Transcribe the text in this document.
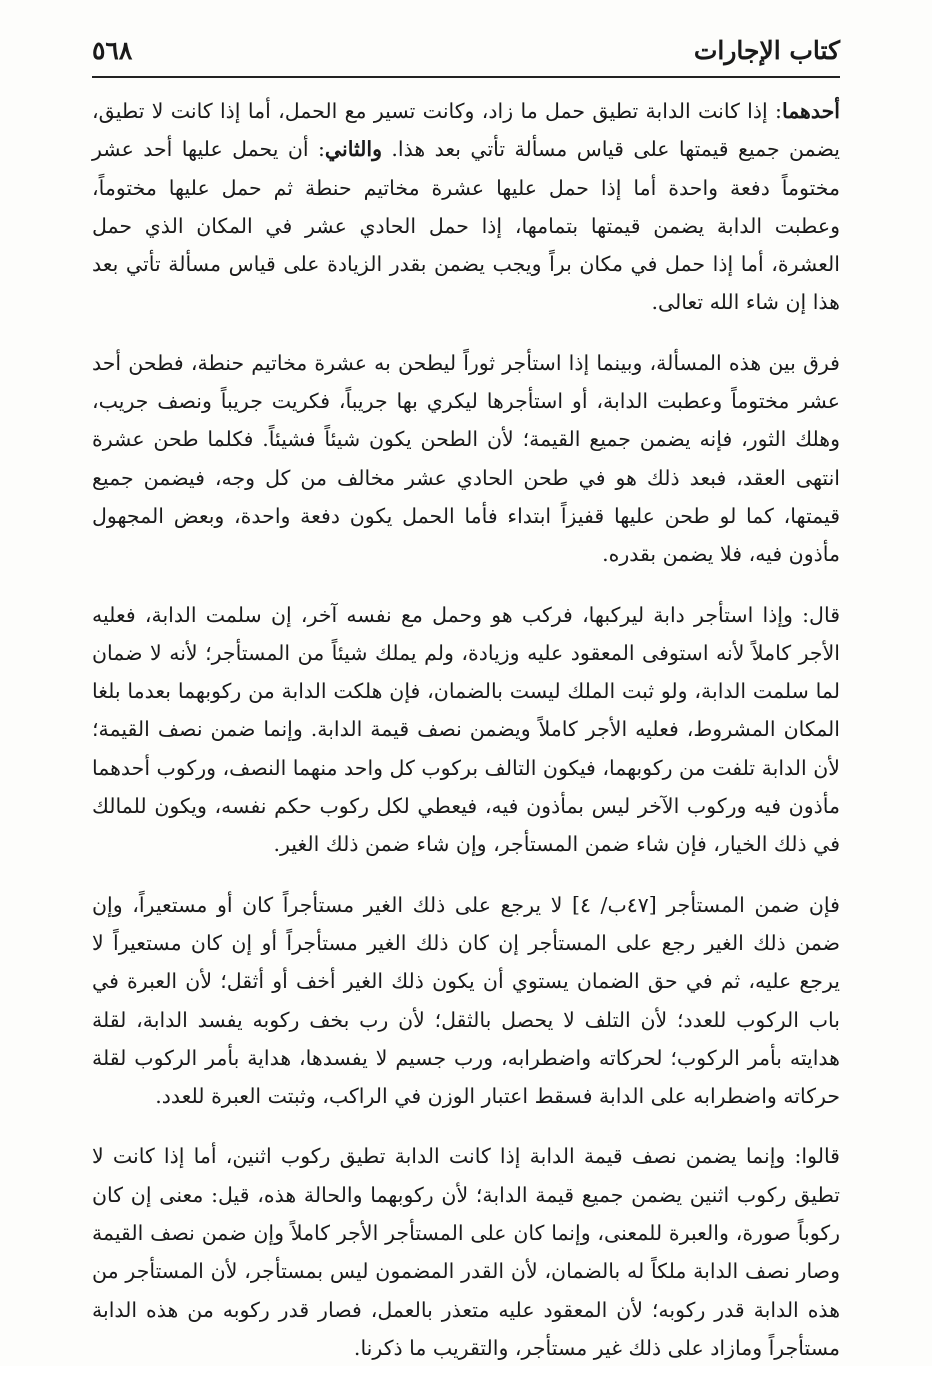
كتاب الإجارات
٥٦٨

أحدهما: إذا كانت الدابة تطيق حمل ما زاد، وكانت تسير مع الحمل، أما إذا كانت لا تطيق، يضمن جميع قيمتها على قياس مسألة تأتي بعد هذا. والثاني: أن يحمل عليها أحد عشر مختوماً دفعة واحدة أما إذا حمل عليها عشرة مخاتيم حنطة ثم حمل عليها مختوماً، وعطبت الدابة يضمن قيمتها بتمامها، إذا حمل الحادي عشر في المكان الذي حمل العشرة، أما إذا حمل في مكان براً ويجب يضمن بقدر الزيادة على قياس مسألة تأتي بعد هذا إن شاء الله تعالى.

فرق بين هذه المسألة، وبينما إذا استأجر ثوراً ليطحن به عشرة مخاتيم حنطة، فطحن أحد عشر مختوماً وعطبت الدابة، أو استأجرها ليكري بها جريباً، فكريت جريباً ونصف جريب، وهلك الثور، فإنه يضمن جميع القيمة؛ لأن الطحن يكون شيئاً فشيئاً. فكلما طحن عشرة انتهى العقد، فبعد ذلك هو في طحن الحادي عشر مخالف من كل وجه، فيضمن جميع قيمتها، كما لو طحن عليها قفيزاً ابتداء فأما الحمل يكون دفعة واحدة، وبعض المجهول مأذون فيه، فلا يضمن بقدره.

قال: وإذا استأجر دابة ليركبها، فركب هو وحمل مع نفسه آخر، إن سلمت الدابة، فعليه الأجر كاملاً لأنه استوفى المعقود عليه وزيادة، ولم يملك شيئاً من المستأجر؛ لأنه لا ضمان لما سلمت الدابة، ولو ثبت الملك ليست بالضمان، فإن هلكت الدابة من ركوبهما بعدما بلغا المكان المشروط، فعليه الأجر كاملاً ويضمن نصف قيمة الدابة. وإنما ضمن نصف القيمة؛ لأن الدابة تلفت من ركوبهما، فيكون التالف بركوب كل واحد منهما النصف، وركوب أحدهما مأذون فيه وركوب الآخر ليس بمأذون فيه، فيعطي لكل ركوب حكم نفسه، ويكون للمالك في ذلك الخيار، فإن شاء ضمن المستأجر، وإن شاء ضمن ذلك الغير.

فإن ضمن المستأجر [٤٧ب/ ٤] لا يرجع على ذلك الغير مستأجراً كان أو مستعيراً، وإن ضمن ذلك الغير رجع على المستأجر إن كان ذلك الغير مستأجراً أو إن كان مستعيراً لا يرجع عليه، ثم في حق الضمان يستوي أن يكون ذلك الغير أخف أو أثقل؛ لأن العبرة في باب الركوب للعدد؛ لأن التلف لا يحصل بالثقل؛ لأن رب بخف ركوبه يفسد الدابة، لقلة هدايته بأمر الركوب؛ لحركاته واضطرابه، ورب جسيم لا يفسدها، هداية بأمر الركوب لقلة حركاته واضطرابه على الدابة فسقط اعتبار الوزن في الراكب، وثبتت العبرة للعدد.

قالوا: وإنما يضمن نصف قيمة الدابة إذا كانت الدابة تطيق ركوب اثنين، أما إذا كانت لا تطيق ركوب اثنين يضمن جميع قيمة الدابة؛ لأن ركوبهما والحالة هذه، قيل: معنى إن كان ركوباً صورة، والعبرة للمعنى، وإنما كان على المستأجر الأجر كاملاً وإن ضمن نصف القيمة وصار نصف الدابة ملكاً له بالضمان، لأن القدر المضمون ليس بمستأجر، لأن المستأجر من هذه الدابة قدر ركوبه؛ لأن المعقود عليه متعذر بالعمل، فصار قدر ركوبه من هذه الدابة مستأجراً ومازاد على ذلك غير مستأجر، والتقريب ما ذكرنا.
